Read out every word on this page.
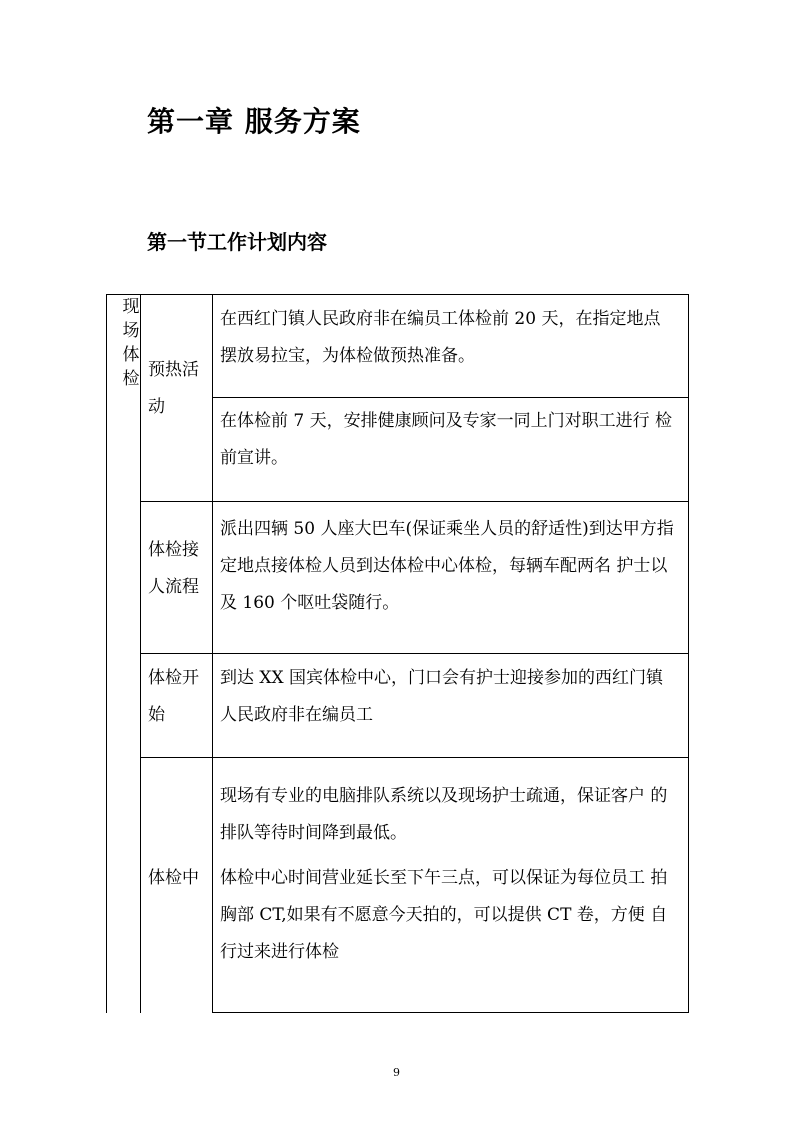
第一章 服务方案
第一节工作计划内容
现场体检 预热活动
在西红门镇人民政府非在编员工体检前 20 天，在指定地点 摆放易拉宝，为体检做预热准备。
在体检前 7 天，安排健康顾问及专家一同上门对职工进行 检前宣讲。
体检接人流程
派出四辆 50 人座大巴车(保证乘坐人员的舒适性)到达甲方指定地点接体检人员到达体检中心体检，每辆车配两名 护士以及 160 个呕吐袋随行。
体检开始
到达 XX 国宾体检中心，门口会有护士迎接参加的西红门镇 人民政府非在编员工
体检中
现场有专业的电脑排队系统以及现场护士疏通，保证客户 的排队等待时间降到最低。
体检中心时间营业延长至下午三点，可以保证为每位员工 拍胸部 CT,如果有不愿意今天拍的，可以提供 CT 卷，方便 自行过来进行体检
9
